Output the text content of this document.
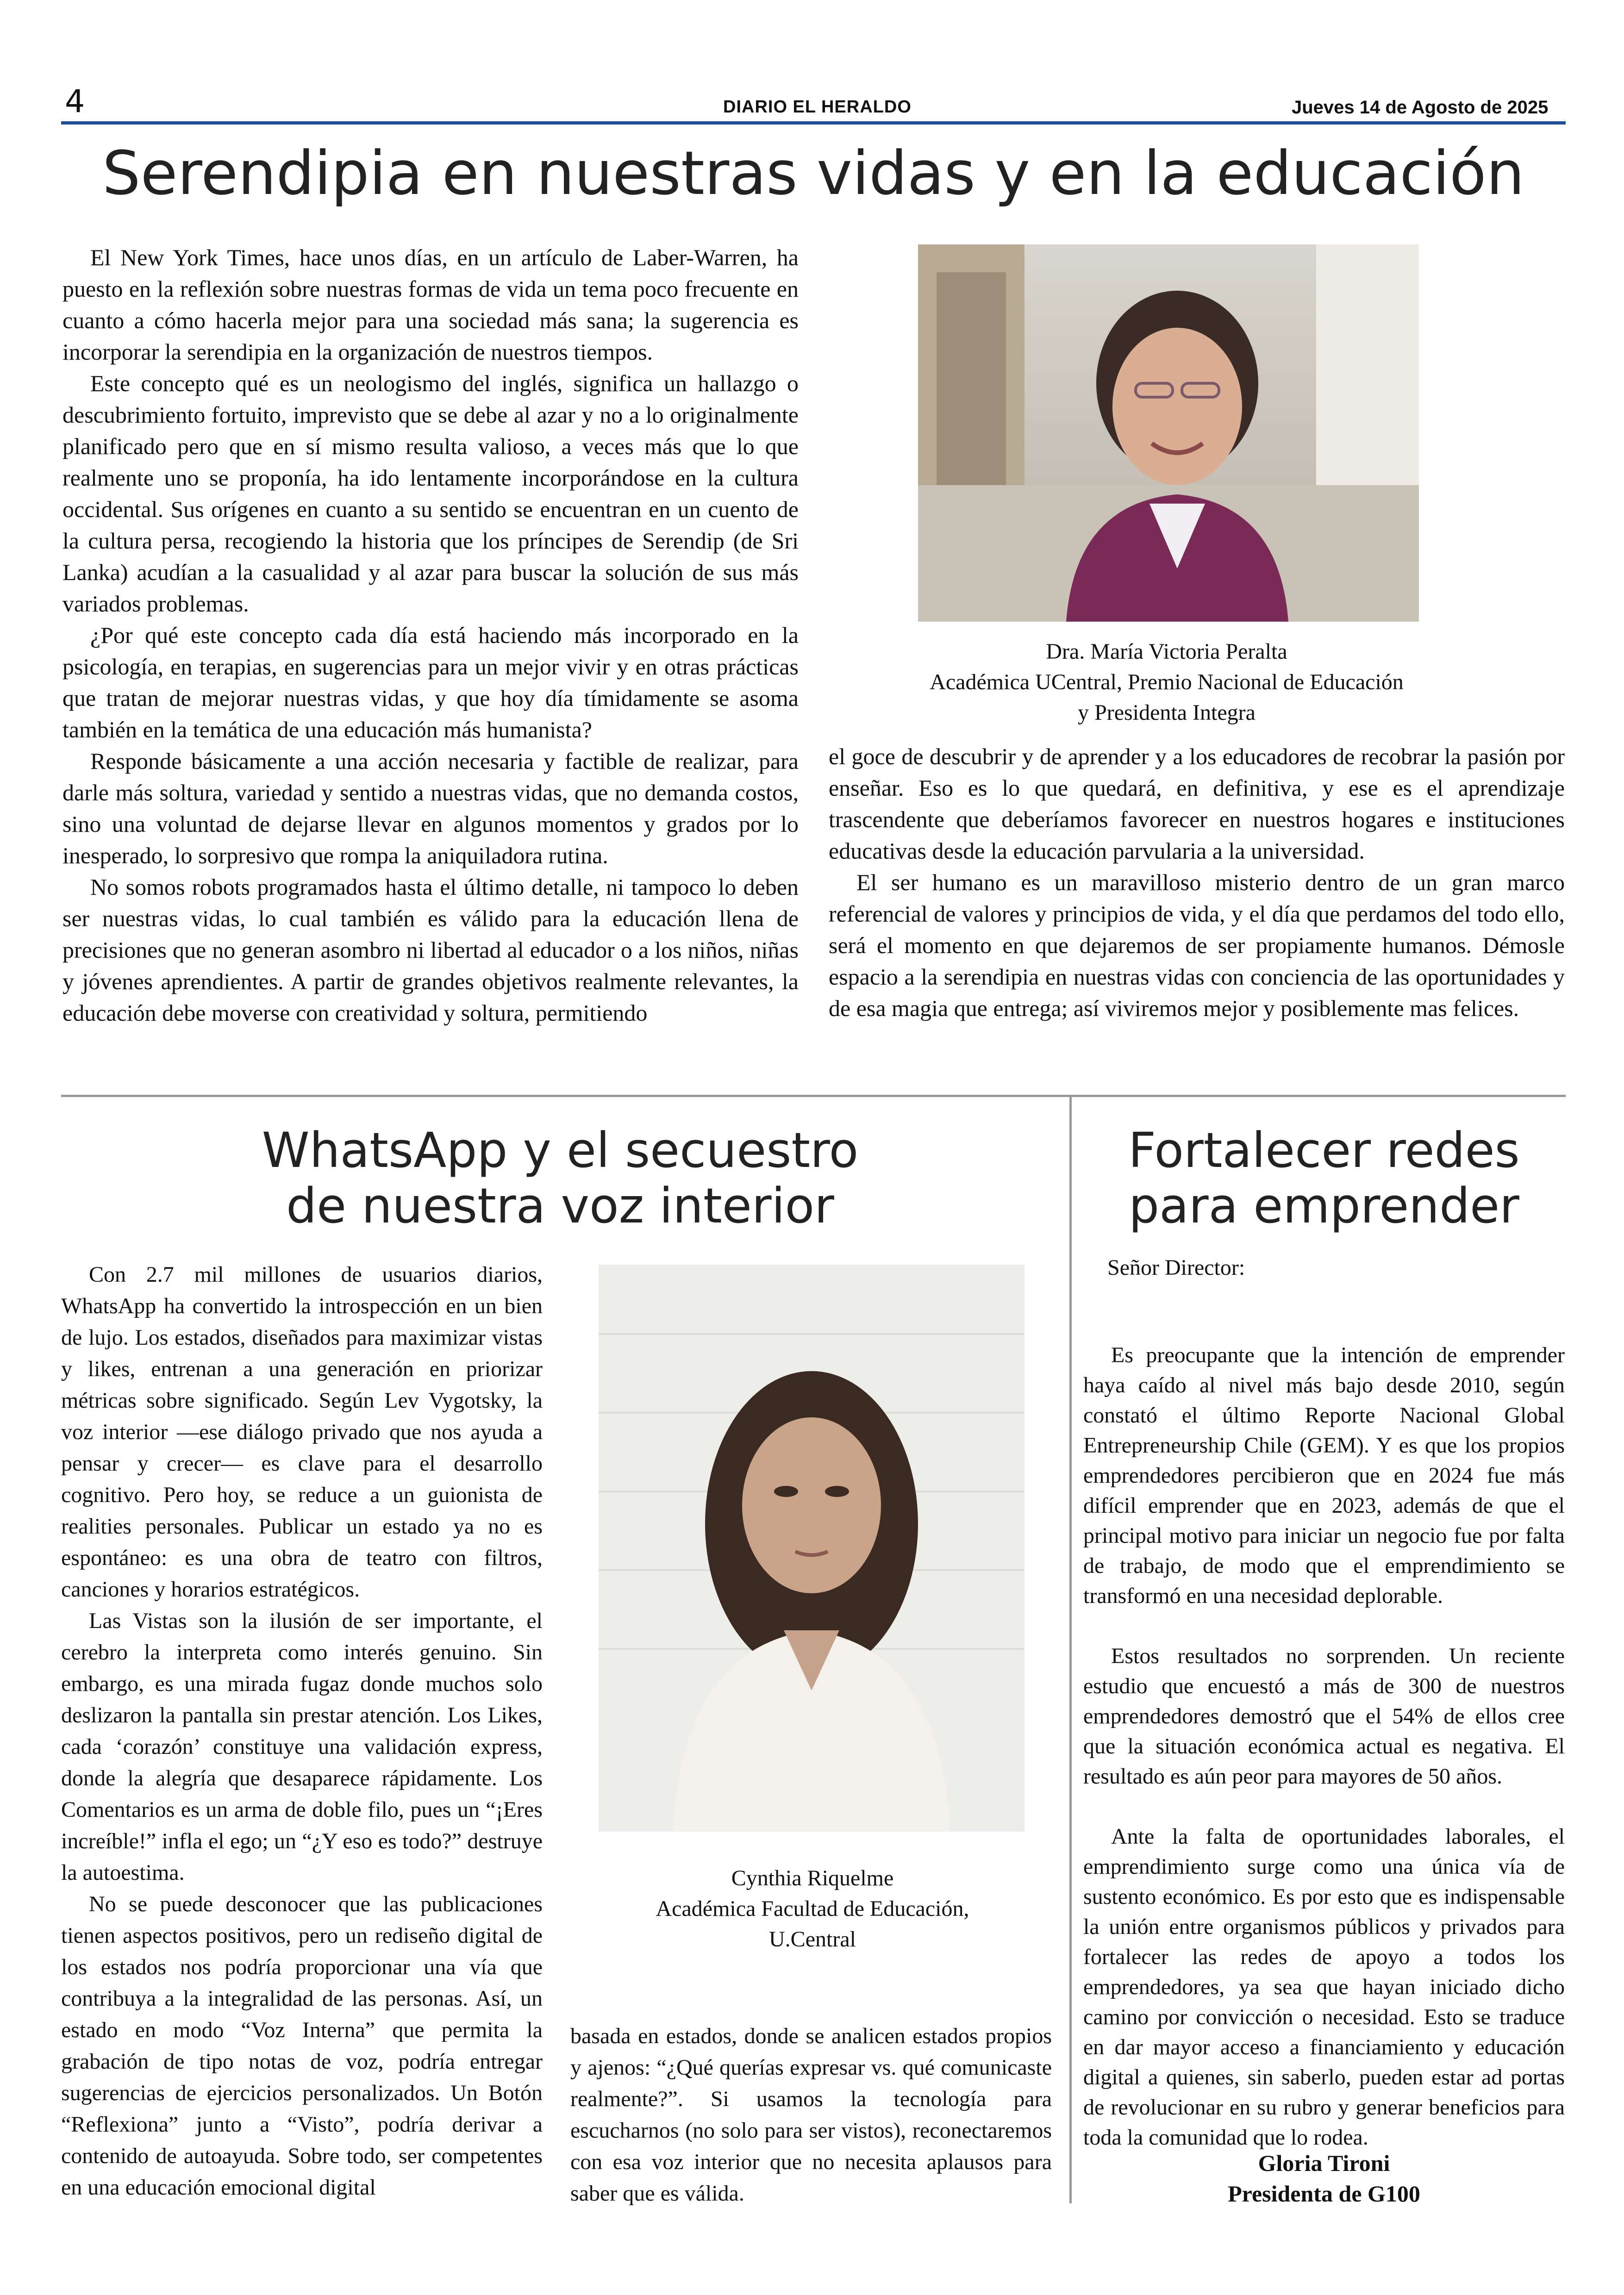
4	DIARIO EL HERALDO	Jueves 14 de Agosto de 2025
Serendipia en nuestras vidas y en la educación

El New York Times, hace unos días, en un artículo de Laber-Warren, ha puesto en la reflexión sobre nuestras formas de vida un tema poco frecuente en cuanto a cómo hacerla mejor para una sociedad más sana; la sugerencia es incorporar la serendipia en la organización de nuestros tiempos.

Este concepto qué es un neologismo del inglés, significa un hallazgo o descubrimiento fortuito, imprevisto que se debe al azar y no a lo originalmente planificado pero que en sí mismo resulta valioso, a veces más que lo que realmente uno se proponía, ha ido lentamente incorporándose en la cultura occidental. Sus orígenes en cuanto a su sentido se encuentran en un cuento de la cultura persa, recogiendo la historia que los príncipes de Serendip (de Sri Lanka) acudían a la casualidad y al azar para buscar la solución de sus más variados problemas.

¿Por qué este concepto cada día está haciendo más incorporado en la psicología, en terapias, en sugerencias para un mejor vivir y en otras prácticas que tratan de mejorar nuestras vidas, y que hoy día tímidamente se asoma también en la temática de una educación más humanista?

Responde básicamente a una acción necesaria y factible de realizar, para darle más soltura, variedad y sentido a nuestras vidas, que no demanda costos, sino una voluntad de dejarse llevar en algunos momentos y grados por lo inesperado, lo sorpresivo que rompa la aniquiladora rutina.

No somos robots programados hasta el último detalle, ni tampoco lo deben ser nuestras vidas, lo cual también es válido para la educación llena de precisiones que no generan asombro ni libertad al educador o a los niños, niñas y jóvenes aprendientes. A partir de grandes objetivos realmente relevantes, la educación debe moverse con creatividad y soltura, permitiendo

Dra. María Victoria Peralta
Académica UCentral, Premio Nacional de Educación
y Presidenta Integra

el goce de descubrir y de aprender y a los educadores de recobrar la pasión por enseñar. Eso es lo que quedará, en definitiva, y ese es el aprendizaje trascendente que deberíamos favorecer en nuestros hogares e instituciones educativas desde la educación parvularia a la universidad.

El ser humano es un maravilloso misterio dentro de un gran marco referencial de valores y principios de vida, y el día que perdamos del todo ello, será el momento en que dejaremos de ser propiamente humanos. Démosle espacio a la serendipia en nuestras vidas con conciencia de las oportunidades y de esa magia que entrega; así viviremos mejor y posiblemente mas felices.

WhatsApp y el secuestro
de nuestra voz interior

Con 2.7 mil millones de usuarios diarios, WhatsApp ha convertido la introspección en un bien de lujo. Los estados, diseñados para maximizar vistas y likes, entrenan a una generación en priorizar métricas sobre significado. Según Lev Vygotsky, la voz interior —ese diálogo privado que nos ayuda a pensar y crecer— es clave para el desarrollo cognitivo. Pero hoy, se reduce a un guionista de realities personales. Publicar un estado ya no es espontáneo: es una obra de teatro con filtros, canciones y horarios estratégicos.

Las Vistas son la ilusión de ser importante, el cerebro la interpreta como interés genuino. Sin embargo, es una mirada fugaz donde muchos solo deslizaron la pantalla sin prestar atención. Los Likes, cada ‘corazón’ constituye una validación express, donde la alegría que desaparece rápidamente. Los Comentarios es un arma de doble filo, pues un “¡Eres increíble!” infla el ego; un “¿Y eso es todo?” destruye la autoestima.

No se puede desconocer que las publicaciones tienen aspectos positivos, pero un rediseño digital de los estados nos podría proporcionar una vía que contribuya a la integralidad de las personas. Así, un estado en modo “Voz Interna” que permita la grabación de tipo notas de voz, podría entregar sugerencias de ejercicios personalizados. Un Botón “Reflexiona” junto a “Visto”, podría derivar a contenido de autoayuda. Sobre todo, ser competentes en una educación emocional digital

Cynthia Riquelme
Académica Facultad de Educación,
U.Central

basada en estados, donde se analicen estados propios y ajenos: “¿Qué querías expresar vs. qué comunicaste realmente?”. Si usamos la tecnología para escucharnos (no solo para ser vistos), reconectaremos con esa voz interior que no necesita aplausos para saber que es válida.

Fortalecer redes
para emprender

Señor Director:

Es preocupante que la intención de emprender haya caído al nivel más bajo desde 2010, según constató el último Reporte Nacional Global Entrepreneurship Chile (GEM). Y es que los propios emprendedores percibieron que en 2024 fue más difícil emprender que en 2023, además de que el principal motivo para iniciar un negocio fue por falta de trabajo, de modo que el emprendimiento se transformó en una necesidad deplorable.

Estos resultados no sorprenden. Un reciente estudio que encuestó a más de 300 de nuestros emprendedores demostró que el 54% de ellos cree que la situación económica actual es negativa. El resultado es aún peor para mayores de 50 años.

Ante la falta de oportunidades laborales, el emprendimiento surge como una única vía de sustento económico. Es por esto que es indispensable la unión entre organismos públicos y privados para fortalecer las redes de apoyo a todos los emprendedores, ya sea que hayan iniciado dicho camino por convicción o necesidad. Esto se traduce en dar mayor acceso a financiamiento y educación digital a quienes, sin saberlo, pueden estar ad portas de revolucionar en su rubro y generar beneficios para toda la comunidad que lo rodea.

Gloria Tironi
Presidenta de G100
